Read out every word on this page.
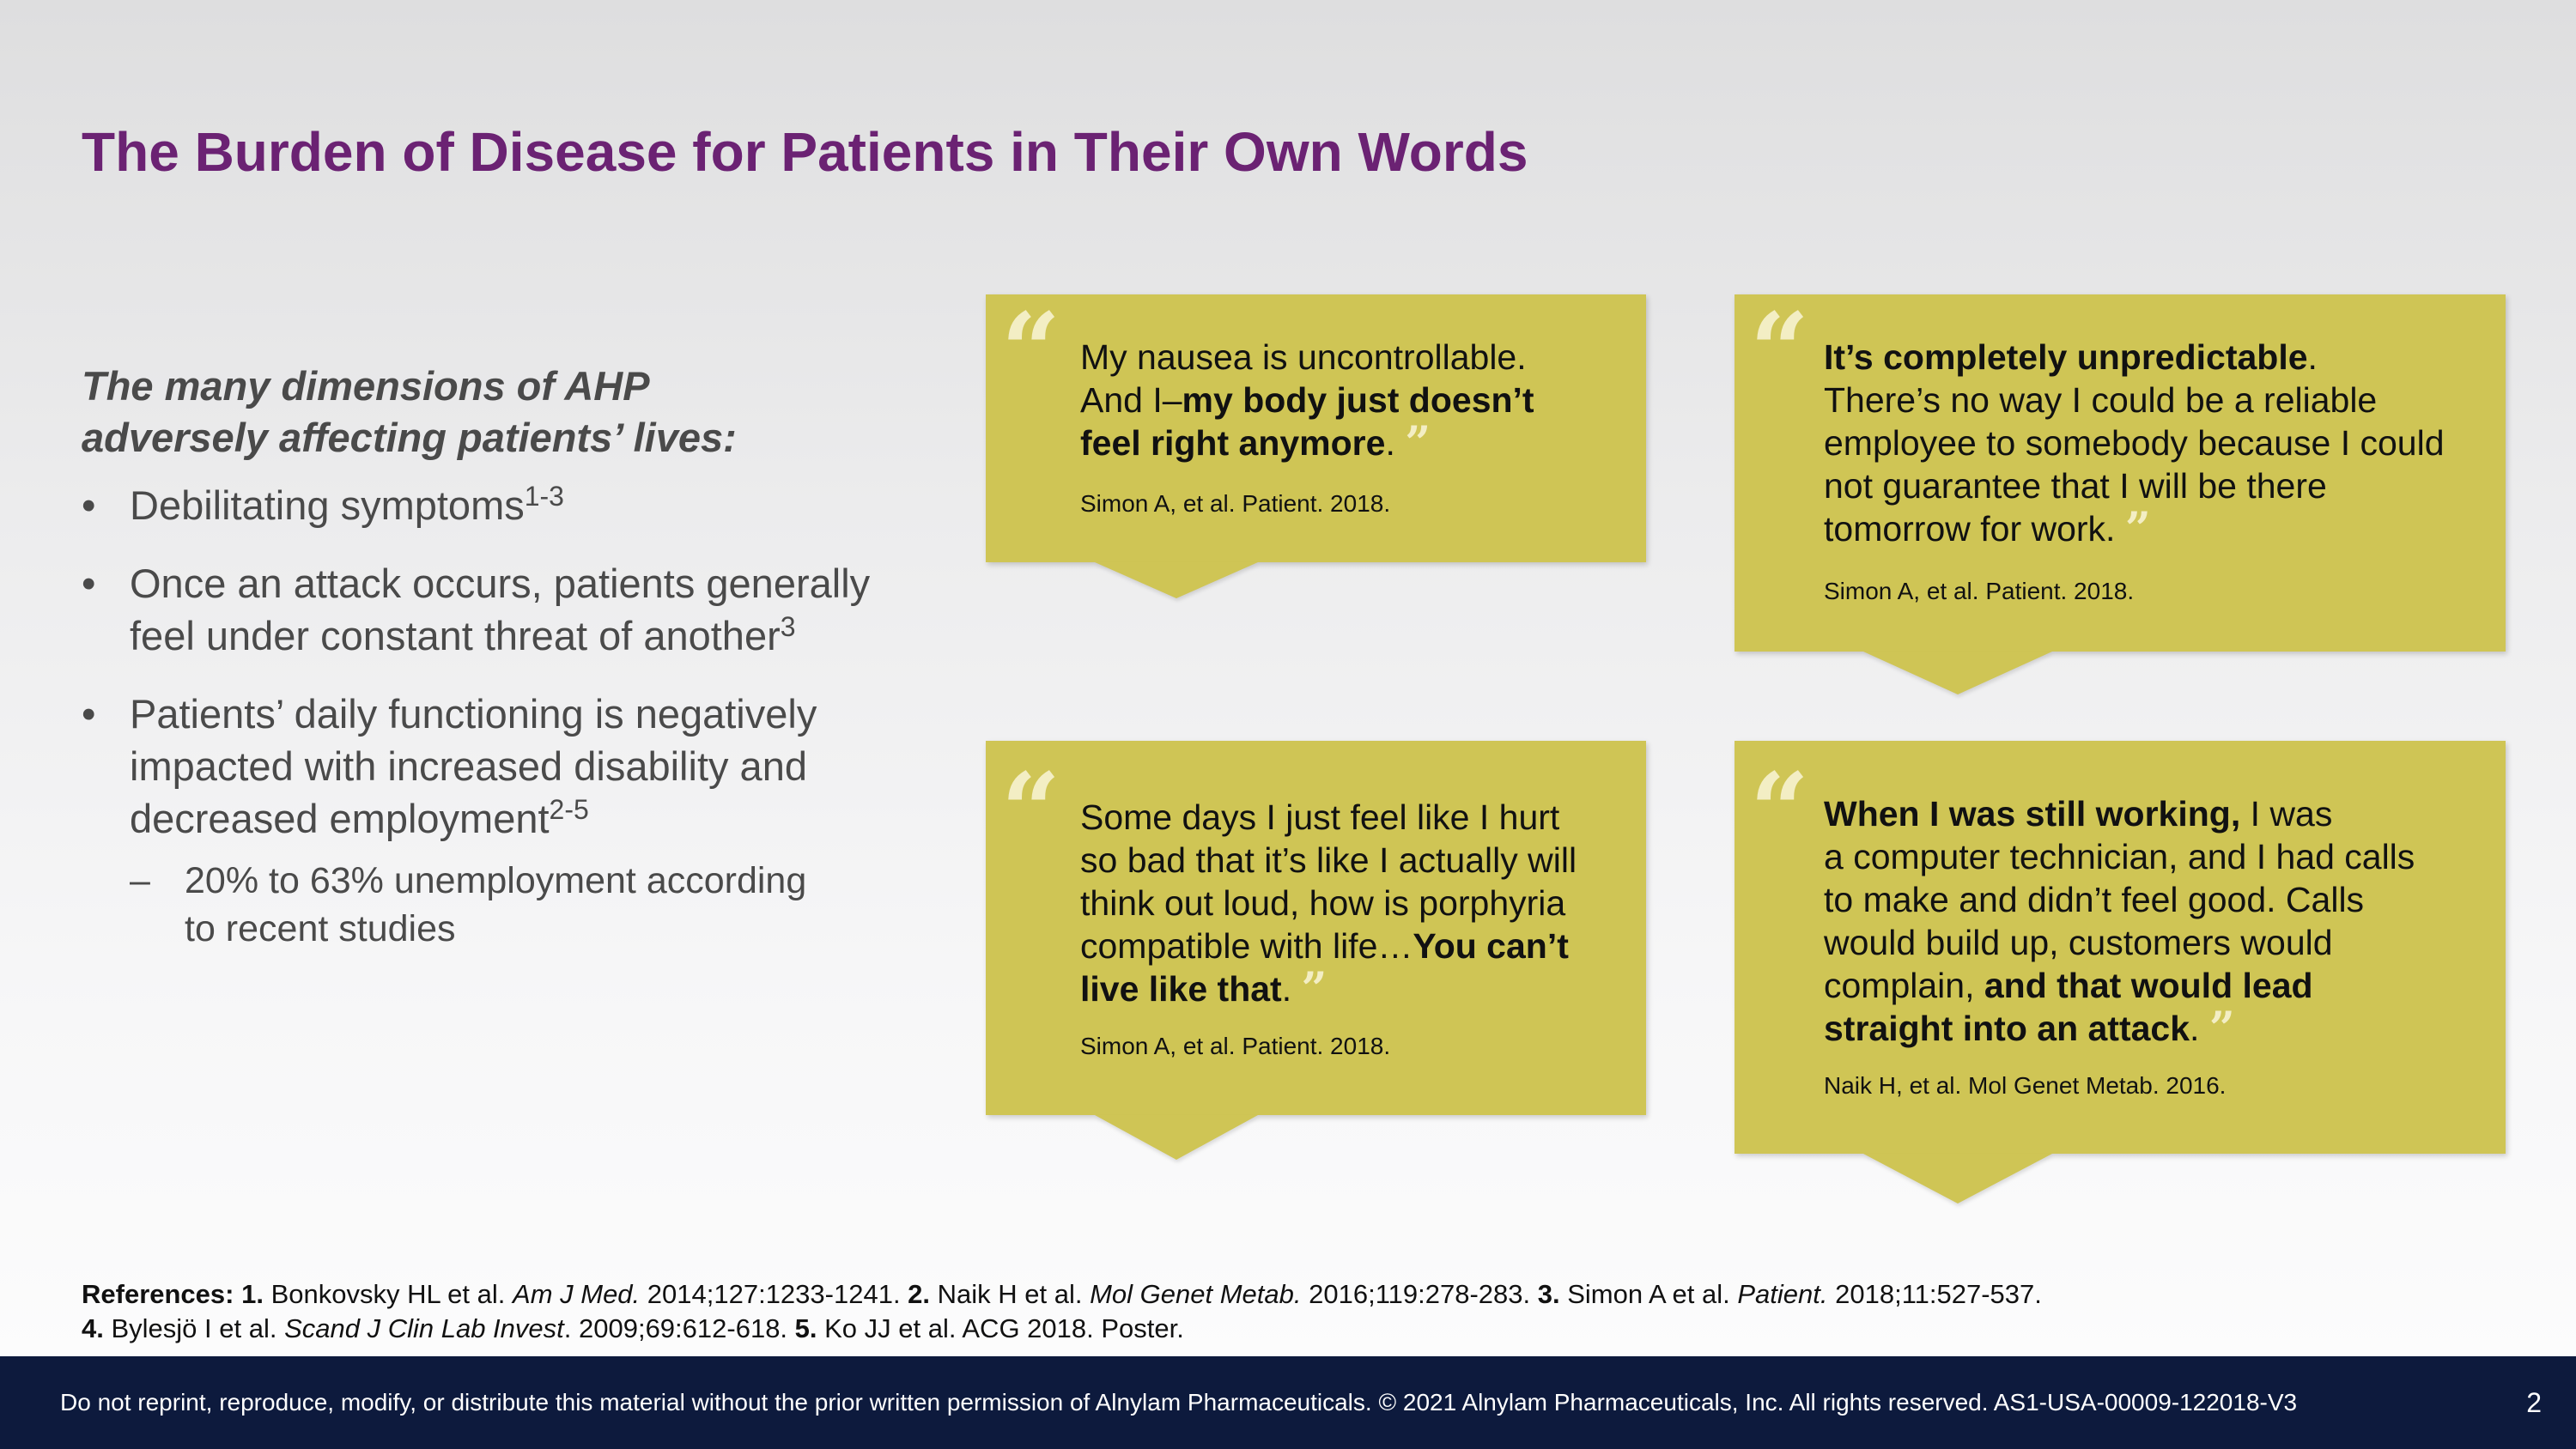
The Burden of Disease for Patients in Their Own Words
The many dimensions of AHP
adversely affecting patients’ lives:
• Debilitating symptoms$^{1-3}$
• Once an attack occurs, patients generally
feel under constant threat of another$^3$
• Patients’ daily functioning is negatively
impacted with increased disability and
decreased employment$^{2-5}$
– 20% to 63% unemployment according
to recent studies
“ My nausea is uncontrollable.
And I–my body just doesn’t
feel right anymore. ”
Simon A, et al. Patient. 2018.
“ It’s completely unpredictable.
There’s no way I could be a reliable
employee to somebody because I could
not guarantee that I will be there
tomorrow for work. ”
Simon A, et al. Patient. 2018.
“ Some days I just feel like I hurt
so bad that it’s like I actually will
think out loud, how is porphyria
compatible with life…You can’t
live like that. ”
Simon A, et al. Patient. 2018.
“ When I was still working, I was
a computer technician, and I had calls
to make and didn’t feel good. Calls
would build up, customers would
complain, and that would lead
straight into an attack. ”
Naik H, et al. Mol Genet Metab. 2016.
References: 1. Bonkovsky HL et al. Am J Med. 2014;127:1233-1241. 2. Naik H et al. Mol Genet Metab. 2016;119:278-283. 3. Simon A et al. Patient. 2018;11:527-537.
4. Bylesjö I et al. Scand J Clin Lab Invest. 2009;69:612-618. 5. Ko JJ et al. ACG 2018. Poster.
Do not reprint, reproduce, modify, or distribute this material without the prior written permission of Alnylam Pharmaceuticals. © 2021 Alnylam Pharmaceuticals, Inc. All rights reserved. AS1-USA-00009-122018-V3	2
